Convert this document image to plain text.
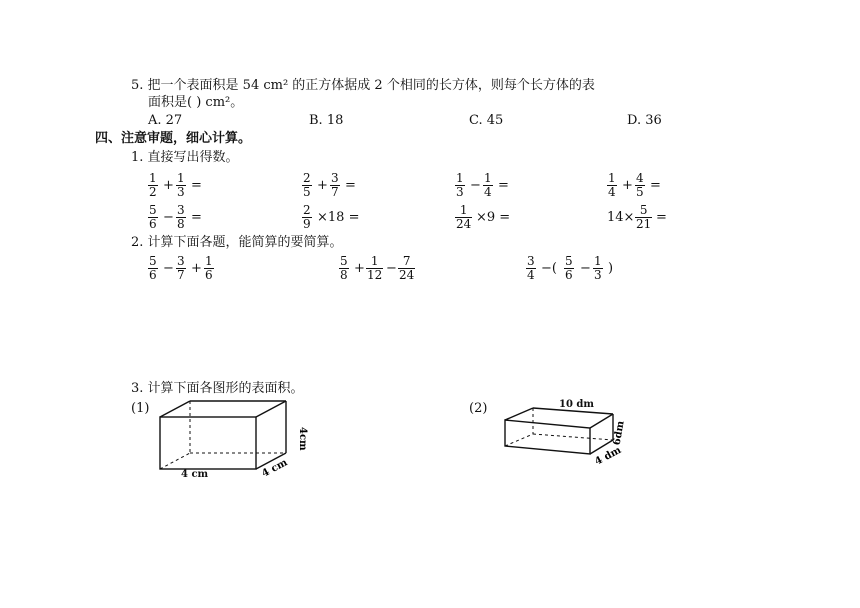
5. 把一个表面积是 54 cm² 的正方体据成 2 个相同的长方体，则每个长方体的表
面积是( ) cm²。
A. 27	B. 18	C. 45	D. 36
四、注意审题，细心计算。
1. 直接写出得数。
$\frac{1}{2} + \frac{1}{3}$ =	$\frac{2}{5} + \frac{3}{7}$ =	$\frac{1}{3} - \frac{1}{4}$ =	$\frac{1}{4} + \frac{4}{5}$ =
$\frac{5}{6} - \frac{3}{8}$ =	$\frac{2}{9} \times 18$ =	$\frac{1}{24} \times 9$ =	$14\times \frac{5}{21}$ =
2. 计算下面各题，能简算的要简算。
$\frac{5}{6} - \frac{3}{7} + \frac{1}{6}$	$\frac{5}{8} + \frac{1}{12} - \frac{7}{24}$	$\frac{3}{4}$ −( $\frac{5}{6} - \frac{1}{3}$ )
3. 计算下面各图形的表面积。
(1)
4cm
4 cm
4 cm
(2)
6dm
4 dm
10 dm
